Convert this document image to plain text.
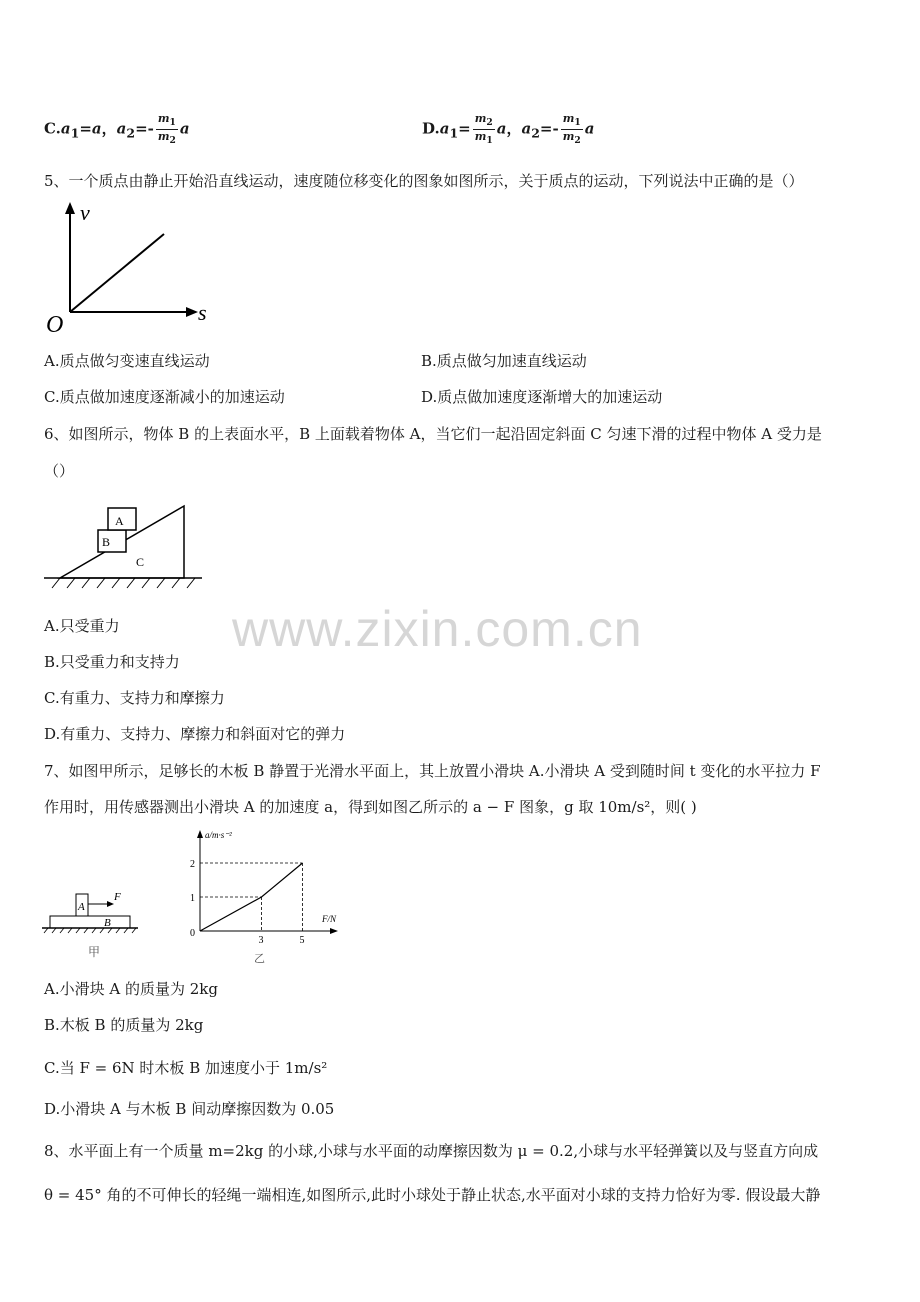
$C.a_1=a$，$a_2=- \frac{m_1}{m_2}$ a	$D.a_1= \frac{m_2}{m_1}$ a，$a_2=- \frac{m_1}{m_2}$ a
5、一个质点由静止开始沿直线运动，速度随位移变化的图象如图所示，关于质点的运动，下列说法中正确的是（）
v
s
O
A.质点做匀变速直线运动	B.质点做匀加速直线运动
C.质点做加速度逐渐减小的加速运动	D.质点做加速度逐渐增大的加速运动
6、如图所示，物体 B 的上表面水平，B 上面载着物体 A，当它们一起沿固定斜面 C 匀速下滑的过程中物体 A 受力是
（）
A
B
C
A.只受重力
B.只受重力和支持力
C.有重力、支持力和摩擦力
D.有重力、支持力、摩擦力和斜面对它的弹力
www.zixin.com.cn
7、如图甲所示，足够长的木板 B 静置于光滑水平面上，其上放置小滑块 A.小滑块 A 受到随时间 t 变化的水平拉力 F
作用时，用传感器测出小滑块 A 的加速度 a，得到如图乙所示的 a − F 图象，g 取 10m/s²，则( )
A
F
B
甲
a/m·s⁻²
F/N
0
3
1
5
2
乙
A.小滑块 A 的质量为 2kg
B.木板 B 的质量为 2kg
C.当 F = 6N 时木板 B 加速度小于 1m/s²
D.小滑块 A 与木板 B 间动摩擦因数为 0.05
8、水平面上有一个质量 m=2kg 的小球,小球与水平面的动摩擦因数为 μ = 0.2,小球与水平轻弹簧以及与竖直方向成
θ = 45° 角的不可伸长的轻绳一端相连,如图所示,此时小球处于静止状态,水平面对小球的支持力恰好为零. 假设最大静
